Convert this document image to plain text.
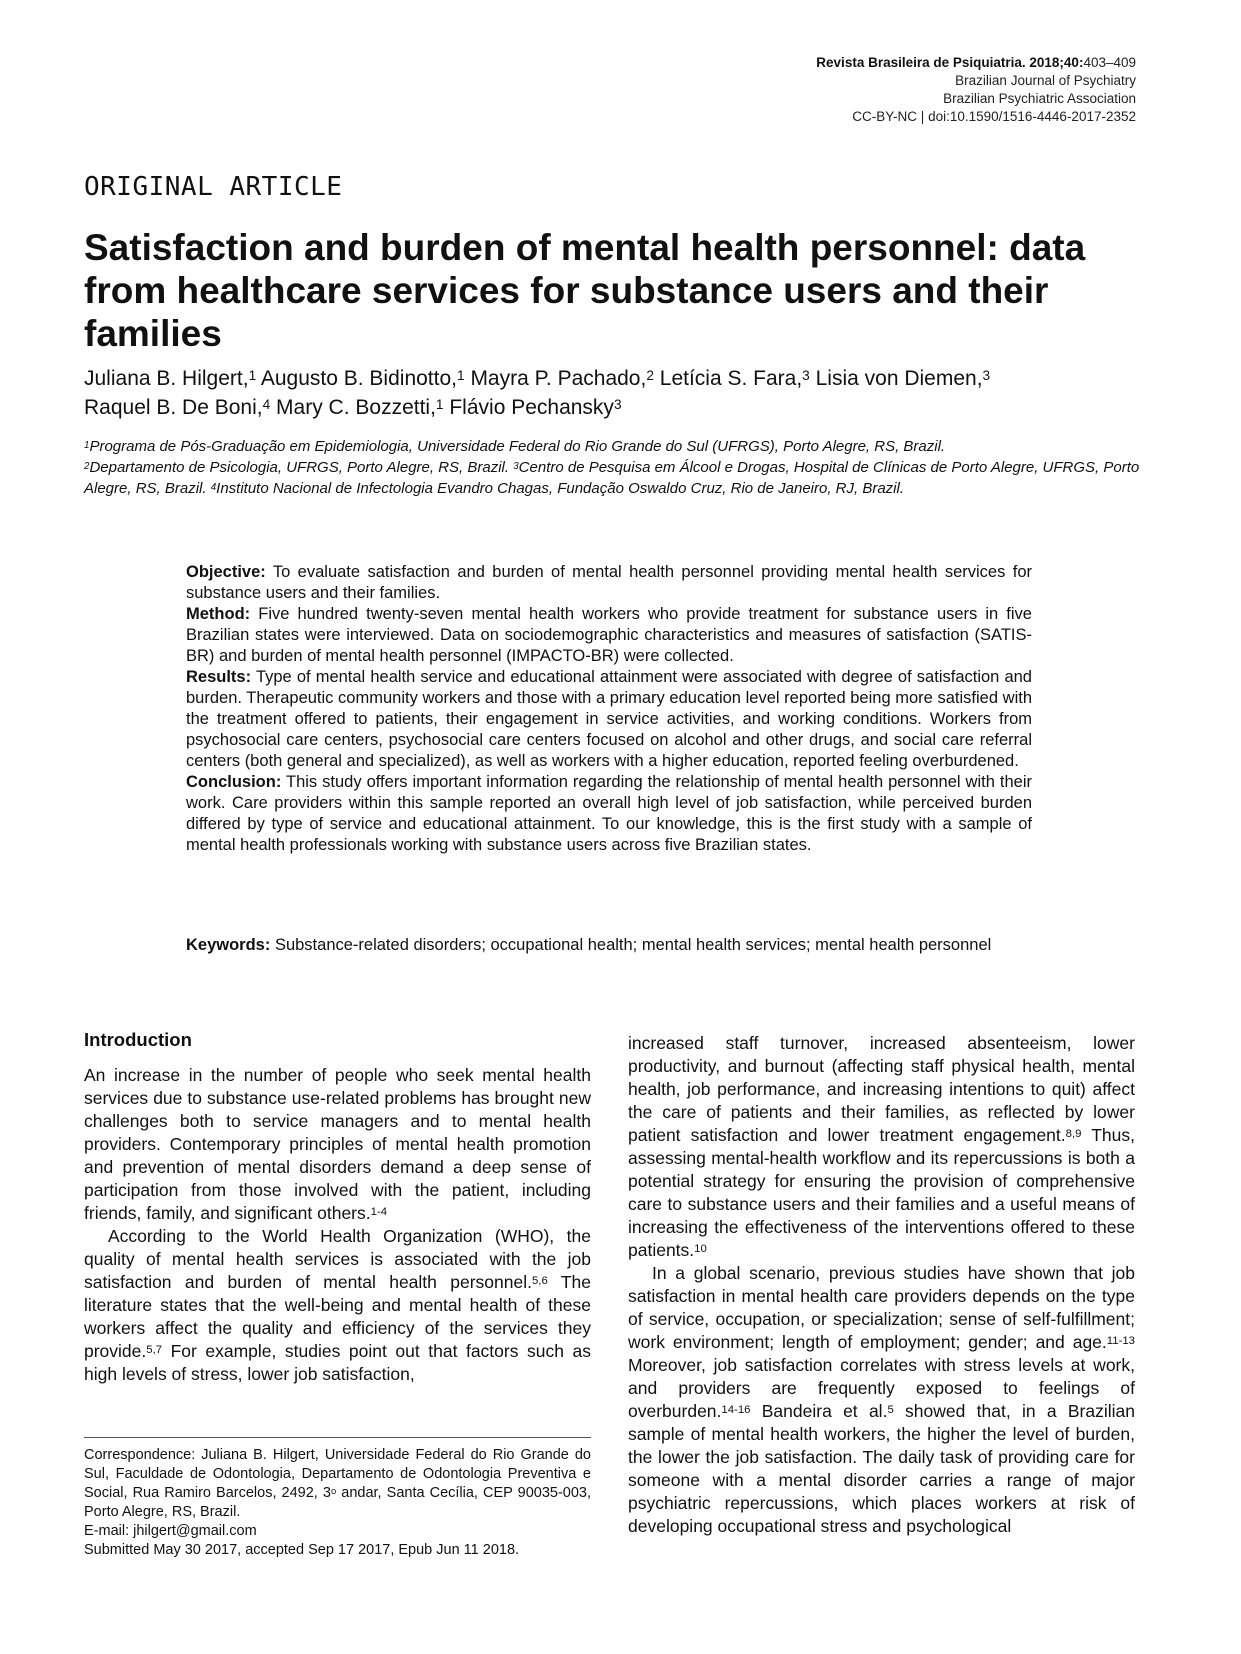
Revista Brasileira de Psiquiatria. 2018;40:403–409
Brazilian Journal of Psychiatry
Brazilian Psychiatric Association
CC-BY-NC | doi:10.1590/1516-4446-2017-2352
ORIGINAL ARTICLE
Satisfaction and burden of mental health personnel: data from healthcare services for substance users and their families
Juliana B. Hilgert,$^1$ Augusto B. Bidinotto,$^1$ Mayra P. Pachado,$^2$ Letícia S. Fara,$^3$ Lisia von Diemen,$^3$
Raquel B. De Boni,$^4$ Mary C. Bozzetti,$^1$ Flávio Pechansky$^3$
$^1$Programa de Pós-Graduação em Epidemiologia, Universidade Federal do Rio Grande do Sul (UFRGS), Porto Alegre, RS, Brazil.
$^2$Departamento de Psicologia, UFRGS, Porto Alegre, RS, Brazil. $^3$Centro de Pesquisa em Álcool e Drogas, Hospital de Clínicas de Porto Alegre, UFRGS, Porto Alegre, RS, Brazil. $^4$Instituto Nacional de Infectologia Evandro Chagas, Fundação Oswaldo Cruz, Rio de Janeiro, RJ, Brazil.

Objective: To evaluate satisfaction and burden of mental health personnel providing mental health services for substance users and their families.

Method: Five hundred twenty-seven mental health workers who provide treatment for substance users in five Brazilian states were interviewed. Data on sociodemographic characteristics and measures of satisfaction (SATIS-BR) and burden of mental health personnel (IMPACTO-BR) were collected.

Results: Type of mental health service and educational attainment were associated with degree of satisfaction and burden. Therapeutic community workers and those with a primary education level reported being more satisfied with the treatment offered to patients, their engagement in service activities, and working conditions. Workers from psychosocial care centers, psychosocial care centers focused on alcohol and other drugs, and social care referral centers (both general and specialized), as well as workers with a higher education, reported feeling overburdened.

Conclusion: This study offers important information regarding the relationship of mental health personnel with their work. Care providers within this sample reported an overall high level of job satisfaction, while perceived burden differed by type of service and educational attainment. To our knowledge, this is the first study with a sample of mental health professionals working with substance users across five Brazilian states.

Keywords: Substance-related disorders; occupational health; mental health services; mental health personnel
Introduction

An increase in the number of people who seek mental health services due to substance use-related problems has brought new challenges both to service managers and to mental health providers. Contemporary principles of mental health promotion and prevention of mental disorders demand a deep sense of participation from those involved with the patient, including friends, family, and significant others.$^{1-4}$

According to the World Health Organization (WHO), the quality of mental health services is associated with the job satisfaction and burden of mental health personnel.$^{5,6}$ The literature states that the well-being and mental health of these workers affect the quality and efficiency of the services they provide.$^{5,7}$ For example, studies point out that factors such as high levels of stress, lower job satisfaction,

Correspondence: Juliana B. Hilgert, Universidade Federal do Rio Grande do Sul, Faculdade de Odontologia, Departamento de Odontologia Preventiva e Social, Rua Ramiro Barcelos, 2492, 3$^o$ andar, Santa Cecília, CEP 90035-003, Porto Alegre, RS, Brazil.

E-mail: jhilgert@gmail.com

Submitted May 30 2017, accepted Sep 17 2017, Epub Jun 11 2018.

increased staff turnover, increased absenteeism, lower productivity, and burnout (affecting staff physical health, mental health, job performance, and increasing intentions to quit) affect the care of patients and their families, as reflected by lower patient satisfaction and lower treatment engagement.$^{8,9}$ Thus, assessing mental-health workflow and its repercussions is both a potential strategy for ensuring the provision of comprehensive care to substance users and their families and a useful means of increasing the effectiveness of the interventions offered to these patients.$^{10}$

In a global scenario, previous studies have shown that job satisfaction in mental health care providers depends on the type of service, occupation, or specialization; sense of self-fulfillment; work environment; length of employment; gender; and age.$^{11-13}$ Moreover, job satisfaction correlates with stress levels at work, and providers are frequently exposed to feelings of overburden.$^{14-16}$ Bandeira et al.$^5$ showed that, in a Brazilian sample of mental health workers, the higher the level of burden, the lower the job satisfaction. The daily task of providing care for someone with a mental disorder carries a range of major psychiatric repercussions, which places workers at risk of developing occupational stress and psychological
